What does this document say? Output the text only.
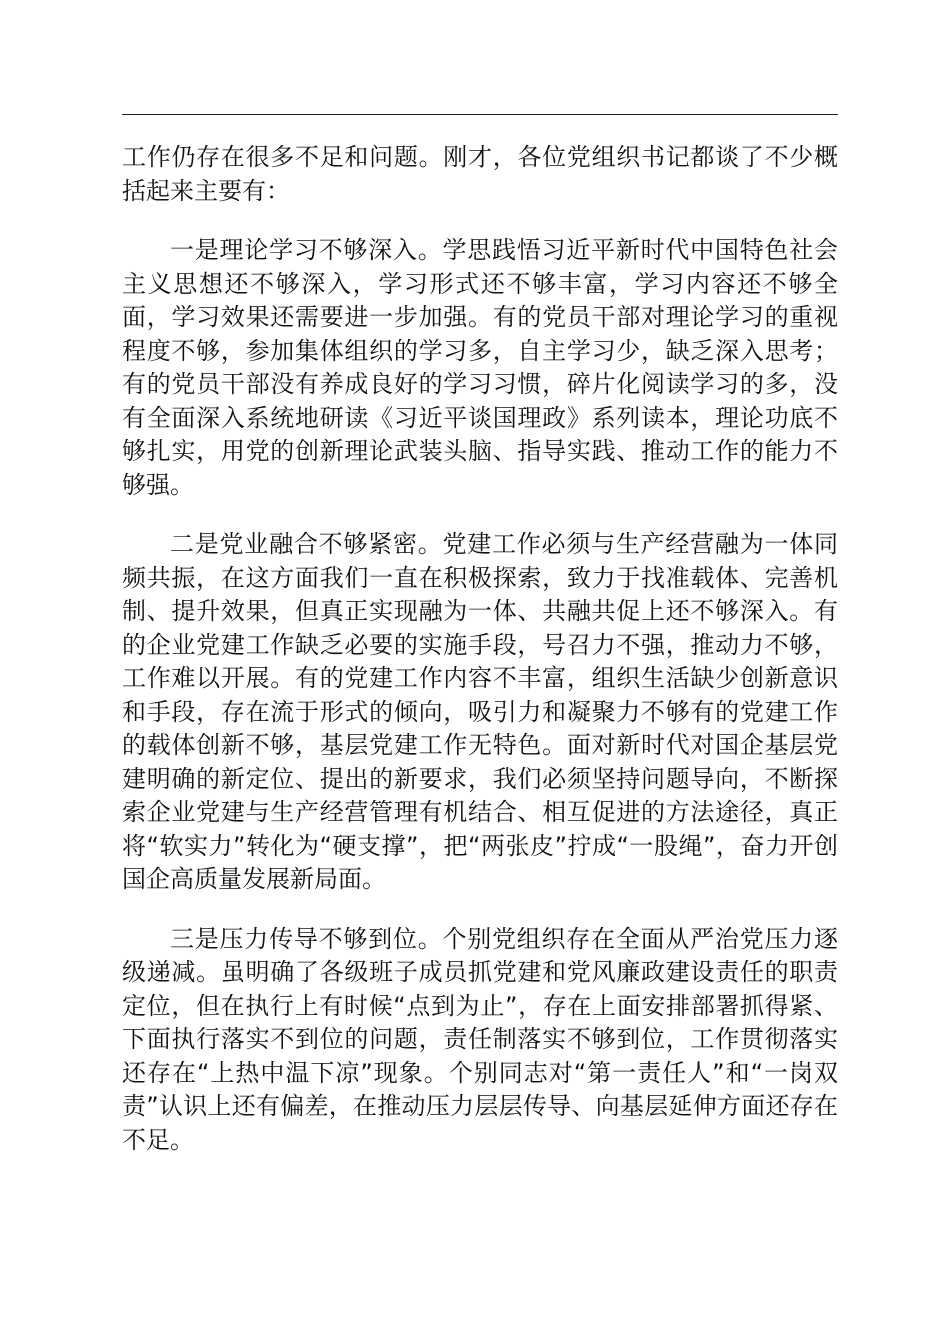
工作仍存在很多不足和问题。刚才，各位党组织书记都谈了不少概括起来主要有：

一是理论学习不够深入。学思践悟习近平新时代中国特色社会主义思想还不够深入，学习形式还不够丰富，学习内容还不够全面，学习效果还需要进一步加强。有的党员干部对理论学习的重视程度不够，参加集体组织的学习多，自主学习少，缺乏深入思考；有的党员干部没有养成良好的学习习惯，碎片化阅读学习的多，没有全面深入系统地研读《习近平谈国理政》系列读本，理论功底不够扎实，用党的创新理论武装头脑、指导实践、推动工作的能力不够强。

二是党业融合不够紧密。党建工作必须与生产经营融为一体同频共振，在这方面我们一直在积极探索，致力于找准载体、完善机制、提升效果，但真正实现融为一体、共融共促上还不够深入。有的企业党建工作缺乏必要的实施手段，号召力不强，推动力不够，工作难以开展。有的党建工作内容不丰富，组织生活缺少创新意识和手段，存在流于形式的倾向，吸引力和凝聚力不够有的党建工作的载体创新不够，基层党建工作无特色。面对新时代对国企基层党建明确的新定位、提出的新要求，我们必须坚持问题导向，不断探索企业党建与生产经营管理有机结合、相互促进的方法途径，真正将“软实力”转化为“硬支撑”，把“两张皮”拧成“一股绳”，奋力开创国企高质量发展新局面。

三是压力传导不够到位。个别党组织存在全面从严治党压力逐级递减。虽明确了各级班子成员抓党建和党风廉政建设责任的职责定位，但在执行上有时候“点到为止”，存在上面安排部署抓得紧、下面执行落实不到位的问题，责任制落实不够到位，工作贯彻落实还存在“上热中温下凉”现象。个别同志对“第一责任人”和“一岗双责”认识上还有偏差，在推动压力层层传导、向基层延伸方面还存在不足。
